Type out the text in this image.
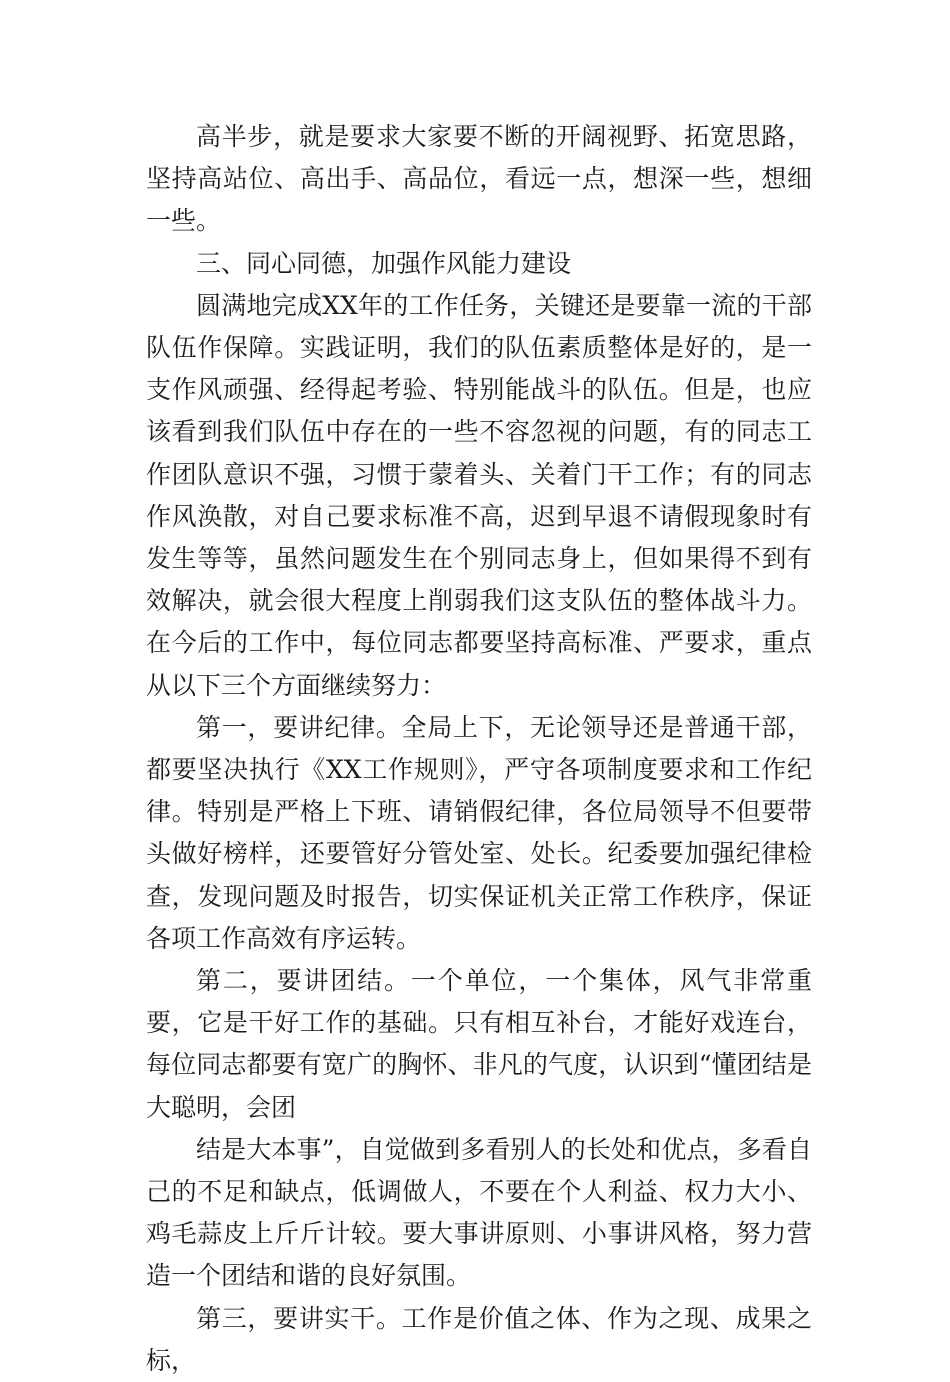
高半步，就是要求大家要不断的开阔视野、拓宽思路，坚持高站位、高出手、高品位，看远一点，想深一些，想细一些。

三、同心同德，加强作风能力建设

圆满地完成XX年的工作任务，关键还是要靠一流的干部队伍作保障。实践证明，我们的队伍素质整体是好的，是一支作风顽强、经得起考验、特别能战斗的队伍。但是，也应该看到我们队伍中存在的一些不容忽视的问题，有的同志工作团队意识不强，习惯于蒙着头、关着门干工作；有的同志作风涣散，对自己要求标准不高，迟到早退不请假现象时有发生等等，虽然问题发生在个别同志身上，但如果得不到有效解决，就会很大程度上削弱我们这支队伍的整体战斗力。在今后的工作中，每位同志都要坚持高标准、严要求，重点从以下三个方面继续努力：

第一，要讲纪律。全局上下，无论领导还是普通干部，都要坚决执行《XX工作规则》，严守各项制度要求和工作纪律。特别是严格上下班、请销假纪律，各位局领导不但要带头做好榜样，还要管好分管处室、处长。纪委要加强纪律检查，发现问题及时报告，切实保证机关正常工作秩序，保证各项工作高效有序运转。

第二，要讲团结。一个单位，一个集体，风气非常重要，它是干好工作的基础。只有相互补台，才能好戏连台，每位同志都要有宽广的胸怀、非凡的气度，认识到“懂团结是大聪明，会团

结是大本事”，自觉做到多看别人的长处和优点，多看自己的不足和缺点，低调做人，不要在个人利益、权力大小、鸡毛蒜皮上斤斤计较。要大事讲原则、小事讲风格，努力营造一个团结和谐的良好氛围。

第三，要讲实干。工作是价值之体、作为之现、成果之标，
